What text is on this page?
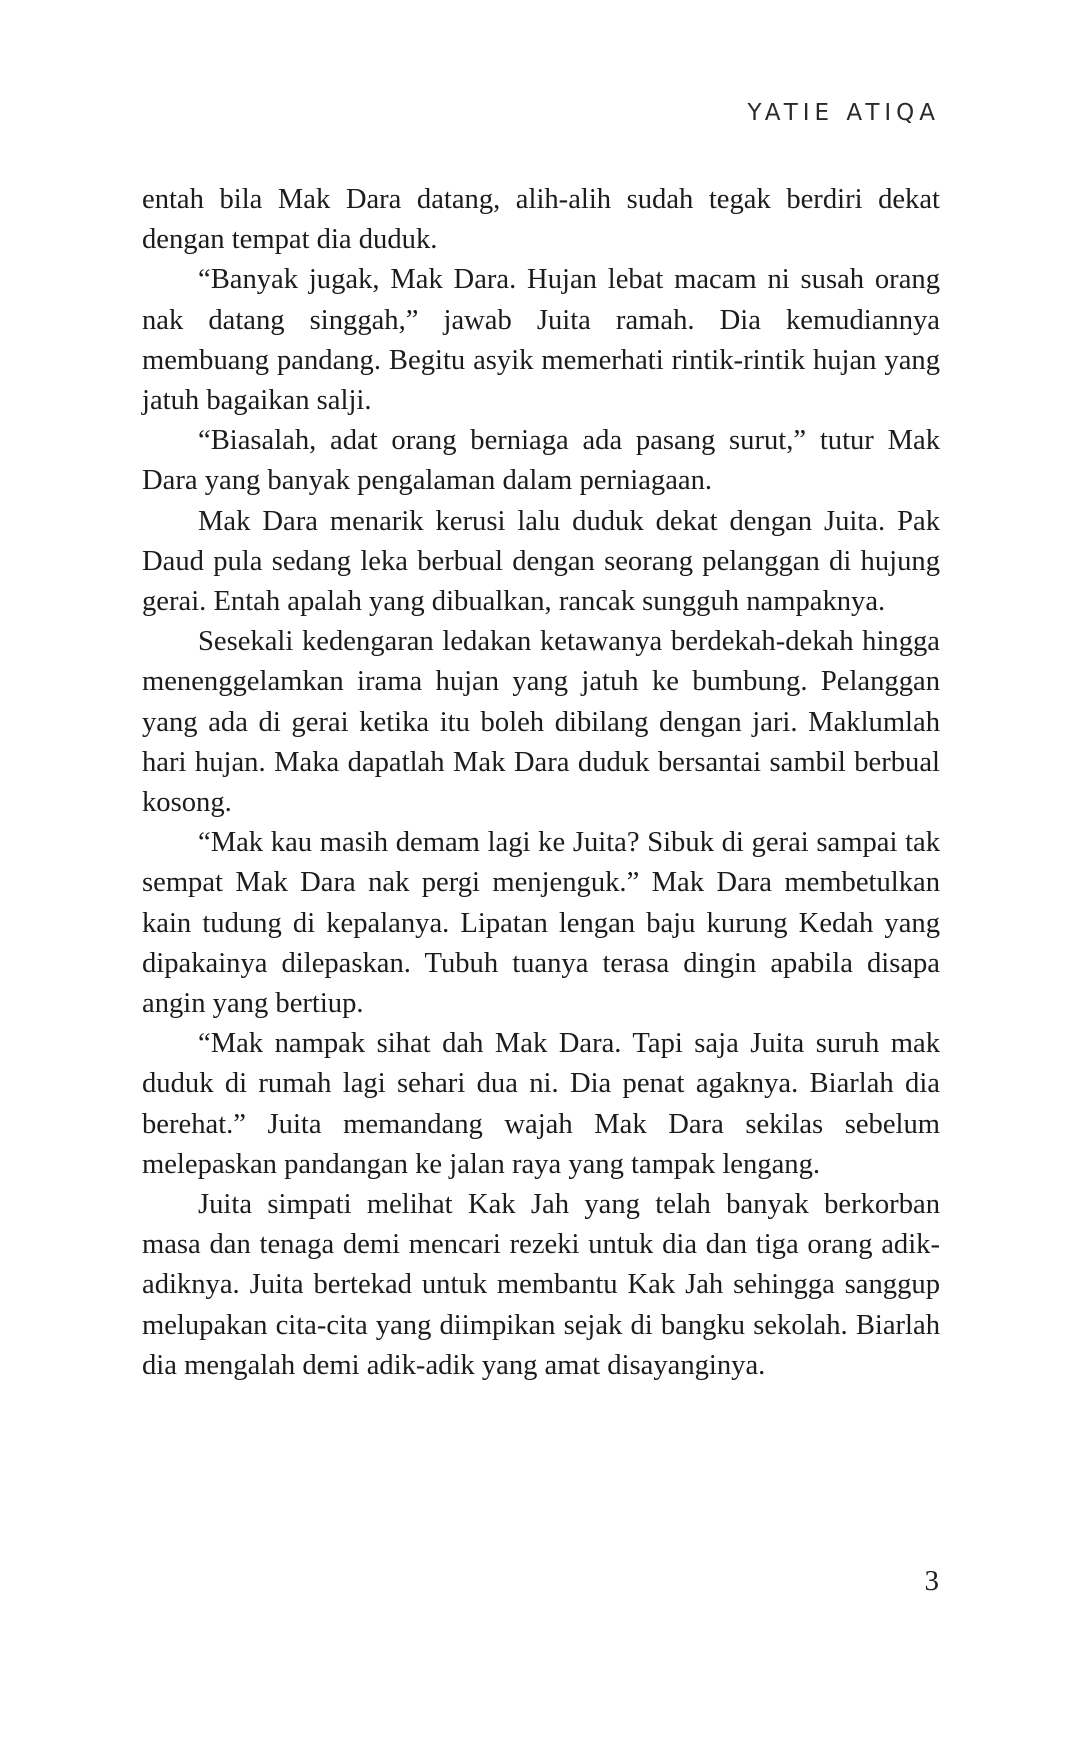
YATIE ATIQA

entah bila Mak Dara datang, alih-alih sudah tegak berdiri dekat dengan tempat dia duduk.

“Banyak jugak, Mak Dara. Hujan lebat macam ni susah orang nak datang singgah,” jawab Juita ramah. Dia kemudiannya membuang pandang. Begitu asyik memerhati rintik-rintik hujan yang jatuh bagaikan salji.

“Biasalah, adat orang berniaga ada pasang surut,” tutur Mak Dara yang banyak pengalaman dalam perniagaan.

Mak Dara menarik kerusi lalu duduk dekat dengan Juita. Pak Daud pula sedang leka berbual dengan seorang pelanggan di hujung gerai. Entah apalah yang dibualkan, rancak sungguh nampaknya.

Sesekali kedengaran ledakan ketawanya berdekah-dekah hingga menenggelamkan irama hujan yang jatuh ke bumbung. Pelanggan yang ada di gerai ketika itu boleh dibilang dengan jari. Maklumlah hari hujan. Maka dapatlah Mak Dara duduk bersantai sambil berbual kosong.

“Mak kau masih demam lagi ke Juita? Sibuk di gerai sampai tak sempat Mak Dara nak pergi menjenguk.” Mak Dara membetulkan kain tudung di kepalanya. Lipatan lengan baju kurung Kedah yang dipakainya dilepaskan. Tubuh tuanya terasa dingin apabila disapa angin yang bertiup.

“Mak nampak sihat dah Mak Dara. Tapi saja Juita suruh mak duduk di rumah lagi sehari dua ni. Dia penat agaknya. Biarlah dia berehat.” Juita memandang wajah Mak Dara sekilas sebelum melepaskan pandangan ke jalan raya yang tampak lengang.

Juita simpati melihat Kak Jah yang telah banyak berkorban masa dan tenaga demi mencari rezeki untuk dia dan tiga orang adik-adiknya. Juita bertekad untuk membantu Kak Jah sehingga sanggup melupakan cita-cita yang diimpikan sejak di bangku sekolah. Biarlah dia mengalah demi adik-adik yang amat disayanginya.

3
